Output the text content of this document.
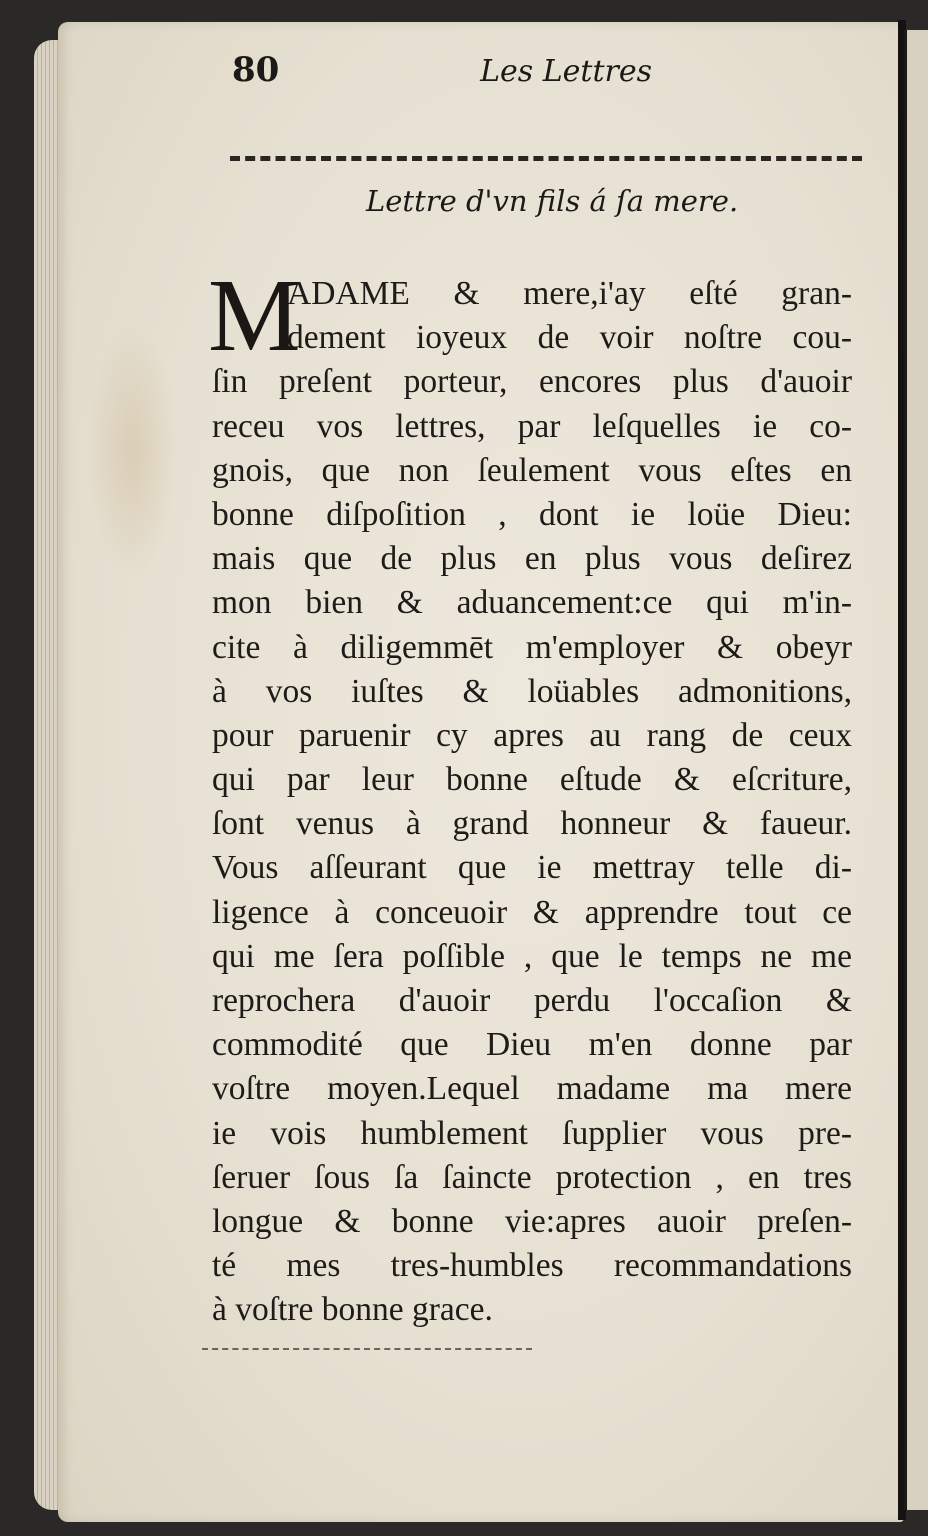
80	Les Lettres
Lettre d'vn fils á ſa mere.
M
ADAME & mere,i'ay eſté gran-
dement ioyeux de voir noſtre cou-
ſin preſent porteur, encores plus d'auoir
receu vos lettres, par leſquelles ie co-
gnois, que non ſeulement vous eſtes en
bonne diſpoſition , dont ie loüe Dieu:
mais que de plus en plus vous deſirez
mon bien & aduancement:ce qui m'in-
cite à diligemmēt m'employer & obeyr
à vos iuſtes & loüables admonitions,
pour paruenir cy apres au rang de ceux
qui par leur bonne eſtude & eſcriture,
ſont venus à grand honneur & faueur.
Vous aſſeurant que ie mettray telle di-
ligence à conceuoir & apprendre tout ce
qui me ſera poſſible , que le temps ne me
reprochera d'auoir perdu l'occaſion &
commodité que Dieu m'en donne par
voſtre moyen.Lequel madame ma mere
ie vois humblement ſupplier vous pre-
ſeruer ſous ſa ſaincte protection , en tres
longue & bonne vie:apres auoir preſen-
té mes tres-humbles recommandations
à voſtre bonne grace.
